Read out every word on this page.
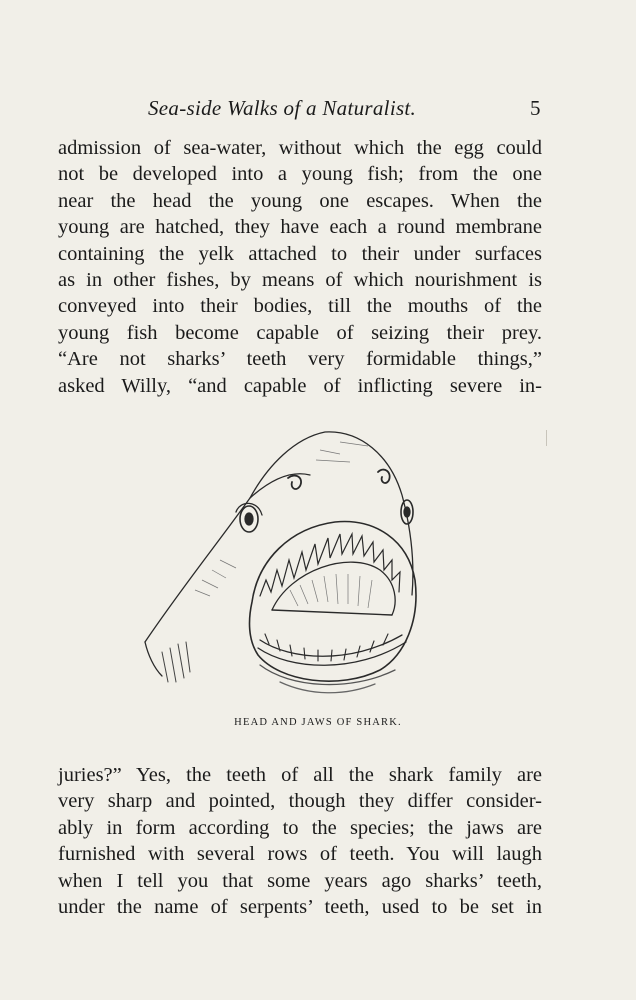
Sea-side Walks of a Naturalist.	5
admission of sea-water, without which the egg could
not be developed into a young fish; from the one
near the head the young one escapes. When the
young are hatched, they have each a round membrane
containing the yelk attached to their under surfaces
as in other fishes, by means of which nourishment is
conveyed into their bodies, till the mouths of the
young fish become capable of seizing their prey.
“Are not sharks’ teeth very formidable things,”
asked Willy, “and capable of inflicting severe in-
HEAD AND JAWS OF SHARK.
juries?” Yes, the teeth of all the shark family are
very sharp and pointed, though they differ consider-
ably in form according to the species; the jaws are
furnished with several rows of teeth. You will laugh
when I tell you that some years ago sharks’ teeth,
under the name of serpents’ teeth, used to be set in
